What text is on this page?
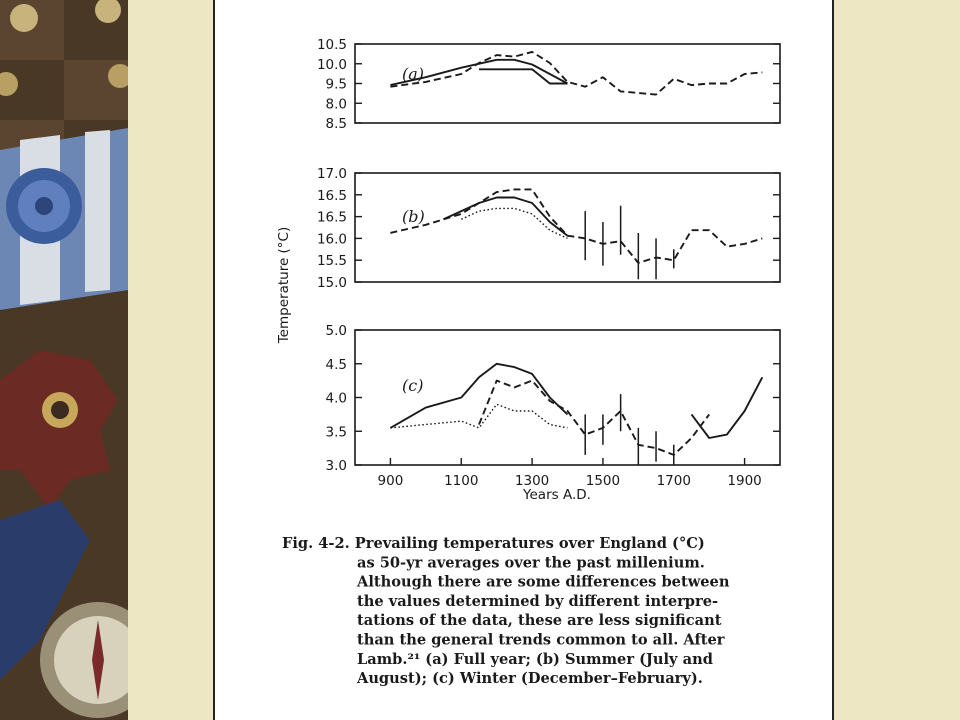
10.5
10.0
9.5
8.0
8.5
(a)
17.0
16.5
16.5
16.0
15.5
15.0
(b)
5.0
4.5
4.0
3.5
3.0
(c)
900	1100	1300	1500	1700	1900
Temperature (°C)
Years A.D.
Fig. 4-2. Prevailing temperatures over England (°C)
as 50-yr averages over the past millenium.
Although there are some differences between
the values determined by different interpre-
tations of the data, these are less significant
than the general trends common to all. After
Lamb.²¹ (a) Full year; (b) Summer (July and
August); (c) Winter (December–February).
